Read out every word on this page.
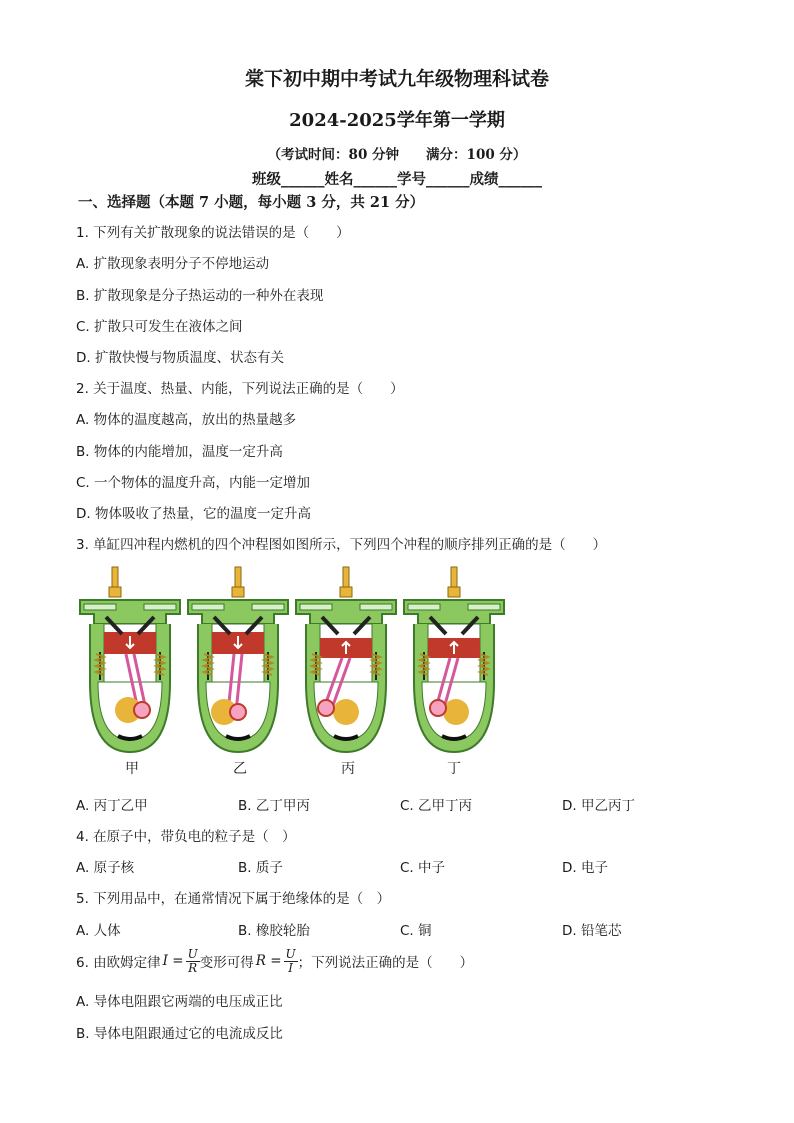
棠下初中期中考试九年级物理科试卷
2024-2025学年第一学期
（考试时间：80 分钟　　满分：100 分）
班级______姓名______学号______成绩______
一、选择题（本题 7 小题，每小题 3 分，共 21 分）
1. 下列有关扩散现象的说法错误的是（　　）
A. 扩散现象表明分子不停地运动
B. 扩散现象是分子热运动的一种外在表现
C. 扩散只可发生在液体之间
D. 扩散快慢与物质温度、状态有关
2. 关于温度、热量、内能，下列说法正确的是（　　）
A. 物体的温度越高，放出的热量越多
B. 物体的内能增加，温度一定升高
C. 一个物体的温度升高，内能一定增加
D. 物体吸收了热量，它的温度一定升高
3. 单缸四冲程内燃机的四个冲程图如图所示，下列四个冲程的顺序排列正确的是（　　）
甲	乙	丙	丁
A. 丙丁乙甲	B. 乙丁甲丙	C. 乙甲丁丙	D. 甲乙丙丁
4. 在原子中，带负电的粒子是（　）
A. 原子核	B. 质子	C. 中子	D. 电子
5. 下列用品中，在通常情况下属于绝缘体的是（　）
A. 人体	B. 橡胶轮胎	C. 铜	D. 铅笔芯
6. 由欧姆定律 $I = \frac{U}{R}$ 变形可得 $R = \frac{U}{I}$ ；下列说法正确的是（　　）
A. 导体电阻跟它两端的电压成正比
B. 导体电阻跟通过它的电流成反比
